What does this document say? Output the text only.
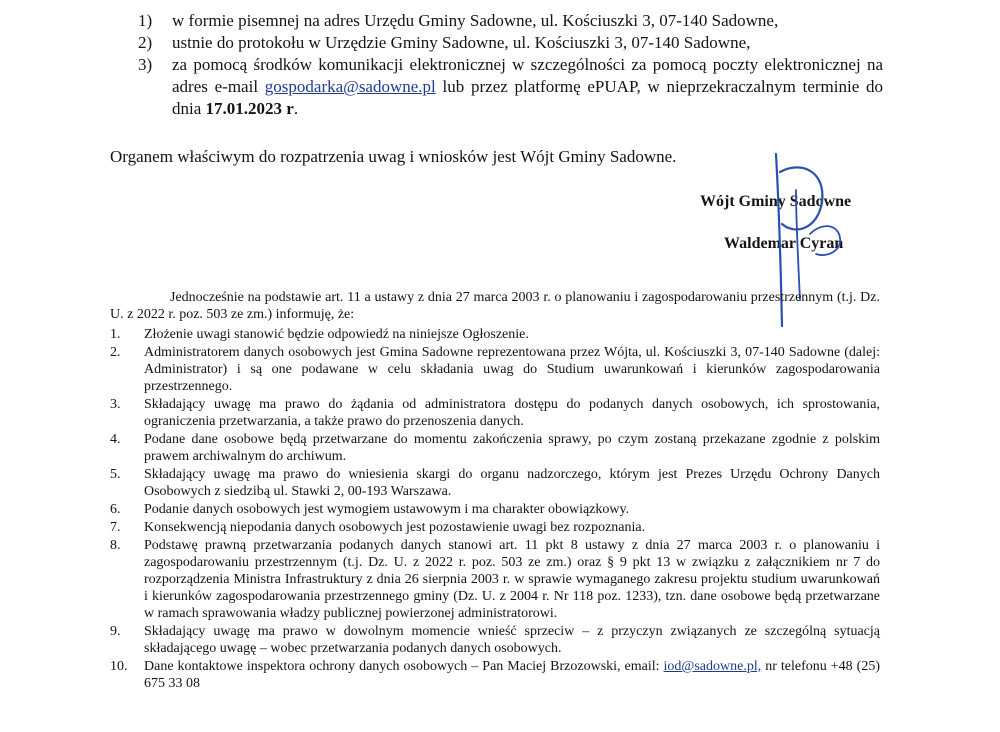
1)	w formie pisemnej na adres Urzędu Gminy Sadowne, ul. Kościuszki 3, 07-140 Sadowne,
2)	ustnie do protokołu w Urzędzie Gminy Sadowne, ul. Kościuszki 3, 07-140 Sadowne,
3)	za pomocą środków komunikacji elektronicznej w szczególności za pomocą poczty elektronicznej na adres e-mail gospodarka@sadowne.pl lub przez platformę ePUAP, w nieprzekraczalnym terminie do dnia 17.01.2023 r.
Organem właściwym do rozpatrzenia uwag i wniosków jest Wójt Gminy Sadowne.
Wójt Gminy Sadowne
Waldemar Cyran
Jednocześnie na podstawie art. 11 a ustawy z dnia 27 marca 2003 r. o planowaniu i zagospodarowaniu przestrzennym (t.j. Dz. U. z 2022 r. poz. 503 ze zm.) informuję, że:
1.	Złożenie uwagi stanowić będzie odpowiedź na niniejsze Ogłoszenie.
2.	Administratorem danych osobowych jest Gmina Sadowne reprezentowana przez Wójta, ul. Kościuszki 3, 07-140 Sadowne (dalej: Administrator) i są one podawane w celu składania uwag do Studium uwarunkowań i kierunków zagospodarowania przestrzennego.
3.	Składający uwagę ma prawo do żądania od administratora dostępu do podanych danych osobowych, ich sprostowania, ograniczenia przetwarzania, a także prawo do przenoszenia danych.
4.	Podane dane osobowe będą przetwarzane do momentu zakończenia sprawy, po czym zostaną przekazane zgodnie z polskim prawem archiwalnym do archiwum.
5.	Składający uwagę ma prawo do wniesienia skargi do organu nadzorczego, którym jest Prezes Urzędu Ochrony Danych Osobowych z siedzibą ul. Stawki 2, 00-193 Warszawa.
6.	Podanie danych osobowych jest wymogiem ustawowym i ma charakter obowiązkowy.
7.	Konsekwencją niepodania danych osobowych jest pozostawienie uwagi bez rozpoznania.
8.	Podstawę prawną przetwarzania podanych danych stanowi art. 11 pkt 8 ustawy z dnia 27 marca 2003 r. o planowaniu i zagospodarowaniu przestrzennym (t.j. Dz. U. z 2022 r. poz. 503 ze zm.) oraz § 9 pkt 13 w związku z załącznikiem nr 7 do rozporządzenia Ministra Infrastruktury z dnia 26 sierpnia 2003 r. w sprawie wymaganego zakresu projektu studium uwarunkowań i kierunków zagospodarowania przestrzennego gminy (Dz. U. z 2004 r. Nr 118 poz. 1233), tzn. dane osobowe będą przetwarzane w ramach sprawowania władzy publicznej powierzonej administratorowi.
9.	Składający uwagę ma prawo w dowolnym momencie wnieść sprzeciw – z przyczyn związanych ze szczególną sytuacją składającego uwagę – wobec przetwarzania podanych danych osobowych.
10.	Dane kontaktowe inspektora ochrony danych osobowych – Pan Maciej Brzozowski, email: iod@sadowne.pl, nr telefonu +48 (25) 675 33 08
